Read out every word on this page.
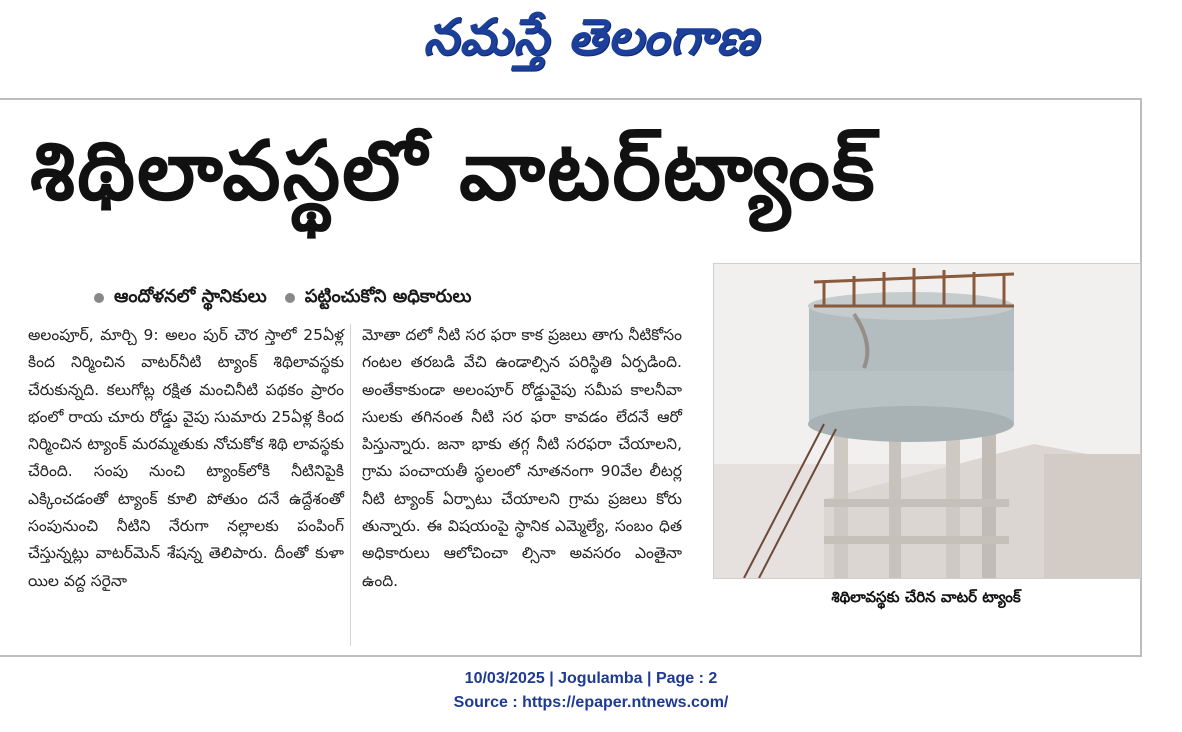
నమస్తే తెలంగాణ
శిథిలావస్థలో వాటర్‌ట్యాంక్
ఆందోళనలో స్థానికులు పట్టించుకోని అధికారులు
అలంపూర్‌, మార్చి 9: అలం పుర్‌ చౌర స్తాలో 25ఏళ్ల కింద నిర్మించిన వాటర్‌నీటి ట్యాంక్‌ శిథిలావస్థకు చేరుకున్నది. కలుగోట్ల రక్షిత మంచినీటి పథకం ప్రారం భంలో రాయ చూరు రోడ్డు వైపు సుమారు 25ఏళ్ల కింద నిర్మించిన ట్యాంక్‌ మరమ్మతుకు నోచుకోక శిథి లావస్థకు చేరింది. సంపు నుంచి ట్యాంక్‌లోకి నీటినిపైకి ఎక్కించడంతో ట్యాంక్‌ కూలి పోతుం దనే ఉద్దేశంతో సంపునుంచి నీటిని నేరుగా నల్లాలకు పంపింగ్‌ చేస్తున్నట్లు వాటర్‌మెన్‌ శేషన్న తెలిపారు. దీంతో కుళా యిల వద్ద సరైనా
మోతా దలో నీటి సర ఫరా కాక ప్రజలు తాగు నీటికోసం గంటల తరబడి వేచి ఉండాల్సిన పరిస్థితి ఏర్పడింది. అంతేకాకుండా అలంపూర్‌ రోడ్డువైపు సమీప కాలనీవా సులకు తగినంత నీటి సర ఫరా కావడం లేదనే ఆరో పిస్తున్నారు. జనా భాకు తగ్గ నీటి సరఫరా చేయాలని, గ్రామ పంచాయతీ స్థలంలో నూతనంగా 90వేల లీటర్ల నీటి ట్యాంక్‌ ఏర్పాటు చేయాలని గ్రామ ప్రజలు కోరు తున్నారు. ఈ విషయంపై స్థానిక ఎమ్మెల్యే, సంబం ధిత అధికారులు ఆలోచించా ల్సినా అవసరం ఎంతైనా ఉంది.
శిథిలావస్థకు చేరిన వాటర్‌ ట్యాంక్‌
10/03/2025 | Jogulamba | Page : 2
Source : https://epaper.ntnews.com/
